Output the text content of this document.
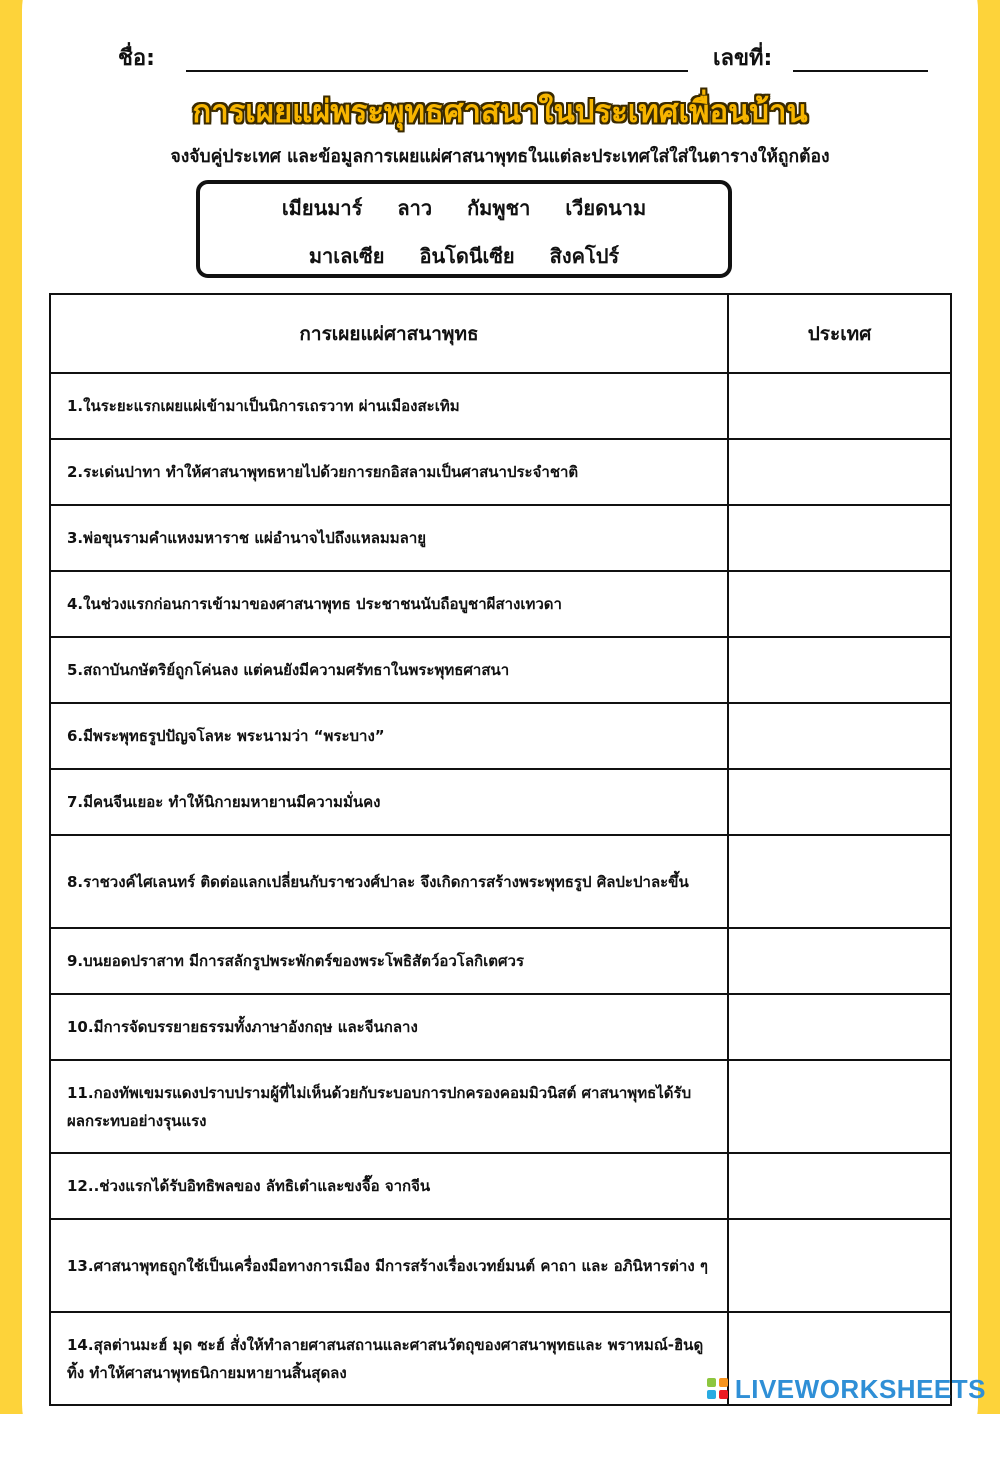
ชื่อ:	เลขที่:
การเผยแผ่พระพุทธศาสนาในประเทศเพื่อนบ้าน
จงจับคู่ประเทศ และข้อมูลการเผยแผ่ศาสนาพุทธในแต่ละประเทศใส่ใส่ในตารางให้ถูกต้อง
เมียนมาร์ ลาว กัมพูชา เวียดนาม
มาเลเซีย อินโดนีเซีย สิงคโปร์
การเผยแผ่ศาสนาพุทธ	ประเทศ
1.ในระยะแรกเผยแผ่เข้ามาเป็นนิการเถรวาท ผ่านเมืองสะเทิม	
2.ระเด่นปาทา ทำให้ศาสนาพุทธหายไปด้วยการยกอิสลามเป็นศาสนาประจำชาติ	
3.พ่อขุนรามคำแหงมหาราช แผ่อำนาจไปถึงแหลมมลายู	
4.ในช่วงแรกก่อนการเข้ามาของศาสนาพุทธ ประชาชนนับถือบูชาผีสางเทวดา	
5.สถาบันกษัตริย์ถูกโค่นลง แต่คนยังมีความศรัทธาในพระพุทธศาสนา	
6.มีพระพุทธรูปปัญจโลหะ พระนามว่า “พระบาง”	
7.มีคนจีนเยอะ ทำให้นิกายมหายานมีความมั่นคง	
8.ราชวงค์ไศเลนทร์ ติดต่อแลกเปลี่ยนกับราชวงศ์ปาละ จึงเกิดการสร้างพระพุทธรูป ศิลปะปาละขึ้น	
9.บนยอดปราสาท มีการสลักรูปพระพักตร์ของพระโพธิสัตว์อวโลกิเตศวร	
10.มีการจัดบรรยายธรรมทั้งภาษาอังกฤษ และจีนกลาง	
11.กองทัพเขมรแดงปราบปรามผู้ที่ไม่เห็นด้วยกับระบอบการปกครองคอมมิวนิสต์ ศาสนาพุทธได้รับผลกระทบอย่างรุนแรง	
12..ช่วงแรกได้รับอิทธิพลของ ลัทธิเต๋าและขงจื๊อ จากจีน	
13.ศาสนาพุทธถูกใช้เป็นเครื่องมือทางการเมือง มีการสร้างเรื่องเวทย์มนต์ คาถา และ อภินิหารต่าง ๆ	
14.สุลต่านมะฮ์ มุด ซะฮ์ สั่งให้ทำลายศาสนสถานและศาสนวัตถุของศาสนาพุทธและ พราหมณ์-ฮินดูทิ้ง ทำให้ศาสนาพุทธนิกายมหายานสิ้นสุดลง	
LIVEWORKSHEETS
